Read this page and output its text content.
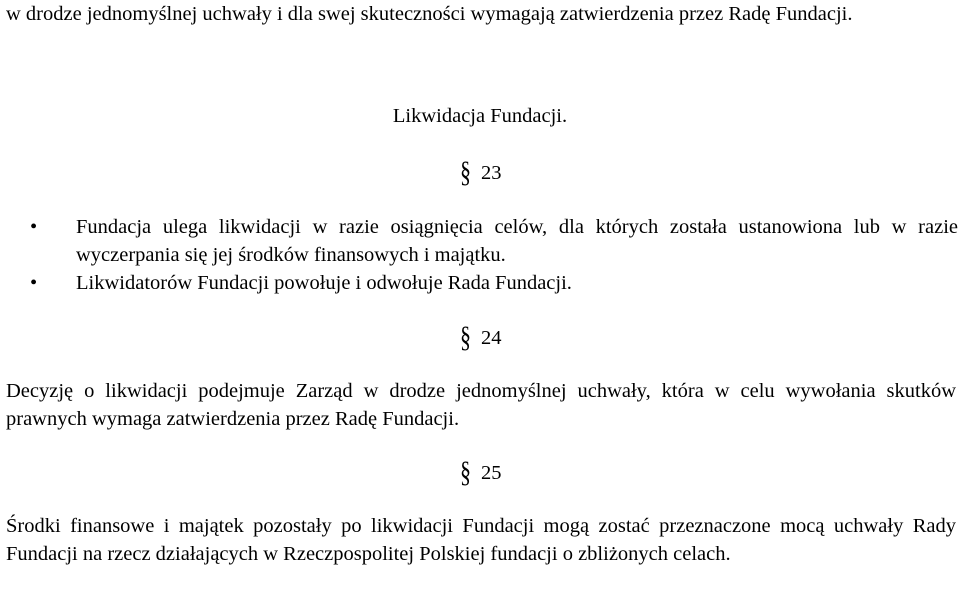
w drodze jednomyślnej uchwały i dla swej skuteczności wymagają zatwierdzenia przez Radę Fundacji.

Likwidacja Fundacji.
§ 23
• Fundacja ulega likwidacji w razie osiągnięcia celów, dla których została ustanowiona lub w razie wyczerpania się jej środków finansowych i majątku.
• Likwidatorów Fundacji powołuje i odwołuje Rada Fundacji.
§ 24

Decyzję o likwidacji podejmuje Zarząd w drodze jednomyślnej uchwały, która w celu wywołania skutków prawnych wymaga zatwierdzenia przez Radę Fundacji.

§ 25

Środki finansowe i majątek pozostały po likwidacji Fundacji mogą zostać przeznaczone mocą uchwały Rady Fundacji na rzecz działających w Rzeczpospolitej Polskiej fundacji o zbliżonych celach.
